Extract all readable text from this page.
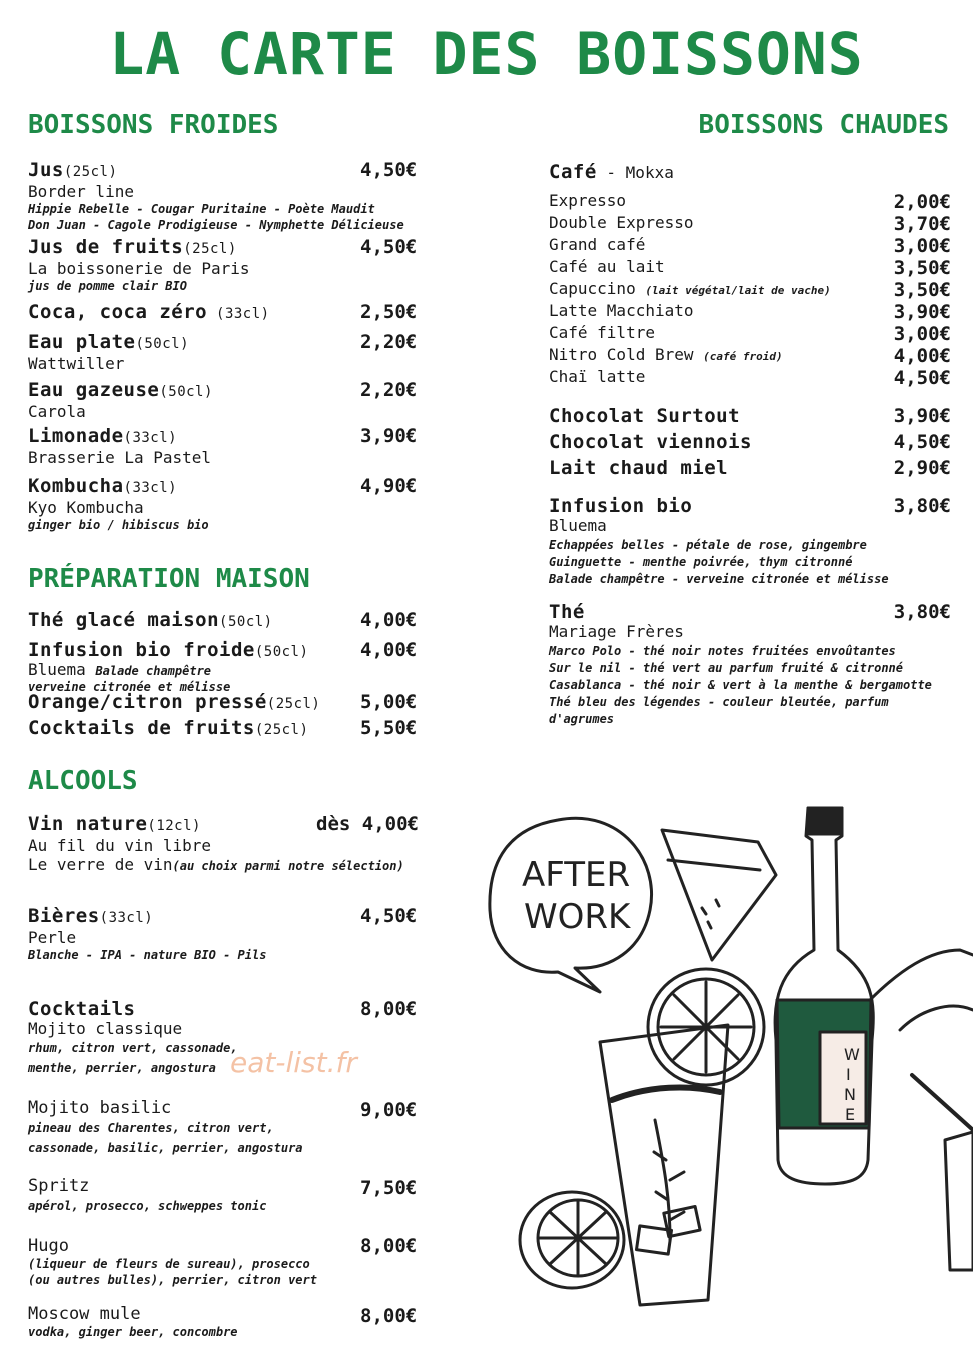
LA CARTE DES BOISSONS
BOISSONS FROIDES
Jus(25cl)	4,50€
Border line
Hippie Rebelle - Cougar Puritaine - Poète Maudit
Don Juan - Cagole Prodigieuse - Nymphette Délicieuse
Jus de fruits(25cl)	4,50€
La boissonerie de Paris
jus de pomme clair BIO
Coca, coca zéro (33cl)	2,50€
Eau plate(50cl)	2,20€
Wattwiller
Eau gazeuse(50cl)	2,20€
Carola
Limonade(33cl)	3,90€
Brasserie La Pastel
Kombucha(33cl)	4,90€
Kyo Kombucha
ginger bio / hibiscus bio
PRÉPARATION MAISON
Thé glacé maison(50cl)	4,00€
Infusion bio froide(50cl)	4,00€
Bluema Balade champêtre
verveine citronée et mélisse
Orange/citron pressé(25cl)	5,00€
Cocktails de fruits(25cl)	5,50€
ALCOOLS
Vin nature(12cl)	dès 4,00€
Au fil du vin libre
Le verre de vin(au choix parmi notre sélection)
Bières(33cl)	4,50€
Perle
Blanche - IPA - nature BIO - Pils
Cocktails	8,00€
Mojito classique
rhum, citron vert, cassonade,
menthe, perrier, angostura
Mojito basilic	9,00€
pineau des Charentes, citron vert,
cassonade, basilic, perrier, angostura
Spritz	7,50€
apérol, prosecco, schweppes tonic
Hugo	8,00€
(liqueur de fleurs de sureau), prosecco
(ou autres bulles), perrier, citron vert
Moscow mule	8,00€
vodka, ginger beer, concombre
eat-list.fr
BOISSONS CHAUDES
Café - Mokxa
Expresso	2,00€
Double Expresso	3,70€
Grand café	3,00€
Café au lait	3,50€
Capuccino (lait végétal/lait de vache)	3,50€
Latte Macchiato	3,90€
Café filtre	3,00€
Nitro Cold Brew (café froid)	4,00€
Chaï latte	4,50€
Chocolat Surtout	3,90€
Chocolat viennois	4,50€
Lait chaud miel	2,90€
Infusion bio	3,80€
Bluema
Echappées belles - pétale de rose, gingembre
Guinguette - menthe poivrée, thym citronné
Balade champêtre - verveine citronée et mélisse
Thé	3,80€
Mariage Frères
Marco Polo - thé noir notes fruitées envoûtantes
Sur le nil - thé vert au parfum fruité & citronné
Casablanca - thé noir & vert à la menthe & bergamotte
Thé bleu des légendes - couleur bleutée, parfum
d'agrumes
AFTER
WORK
W
I
N
E
